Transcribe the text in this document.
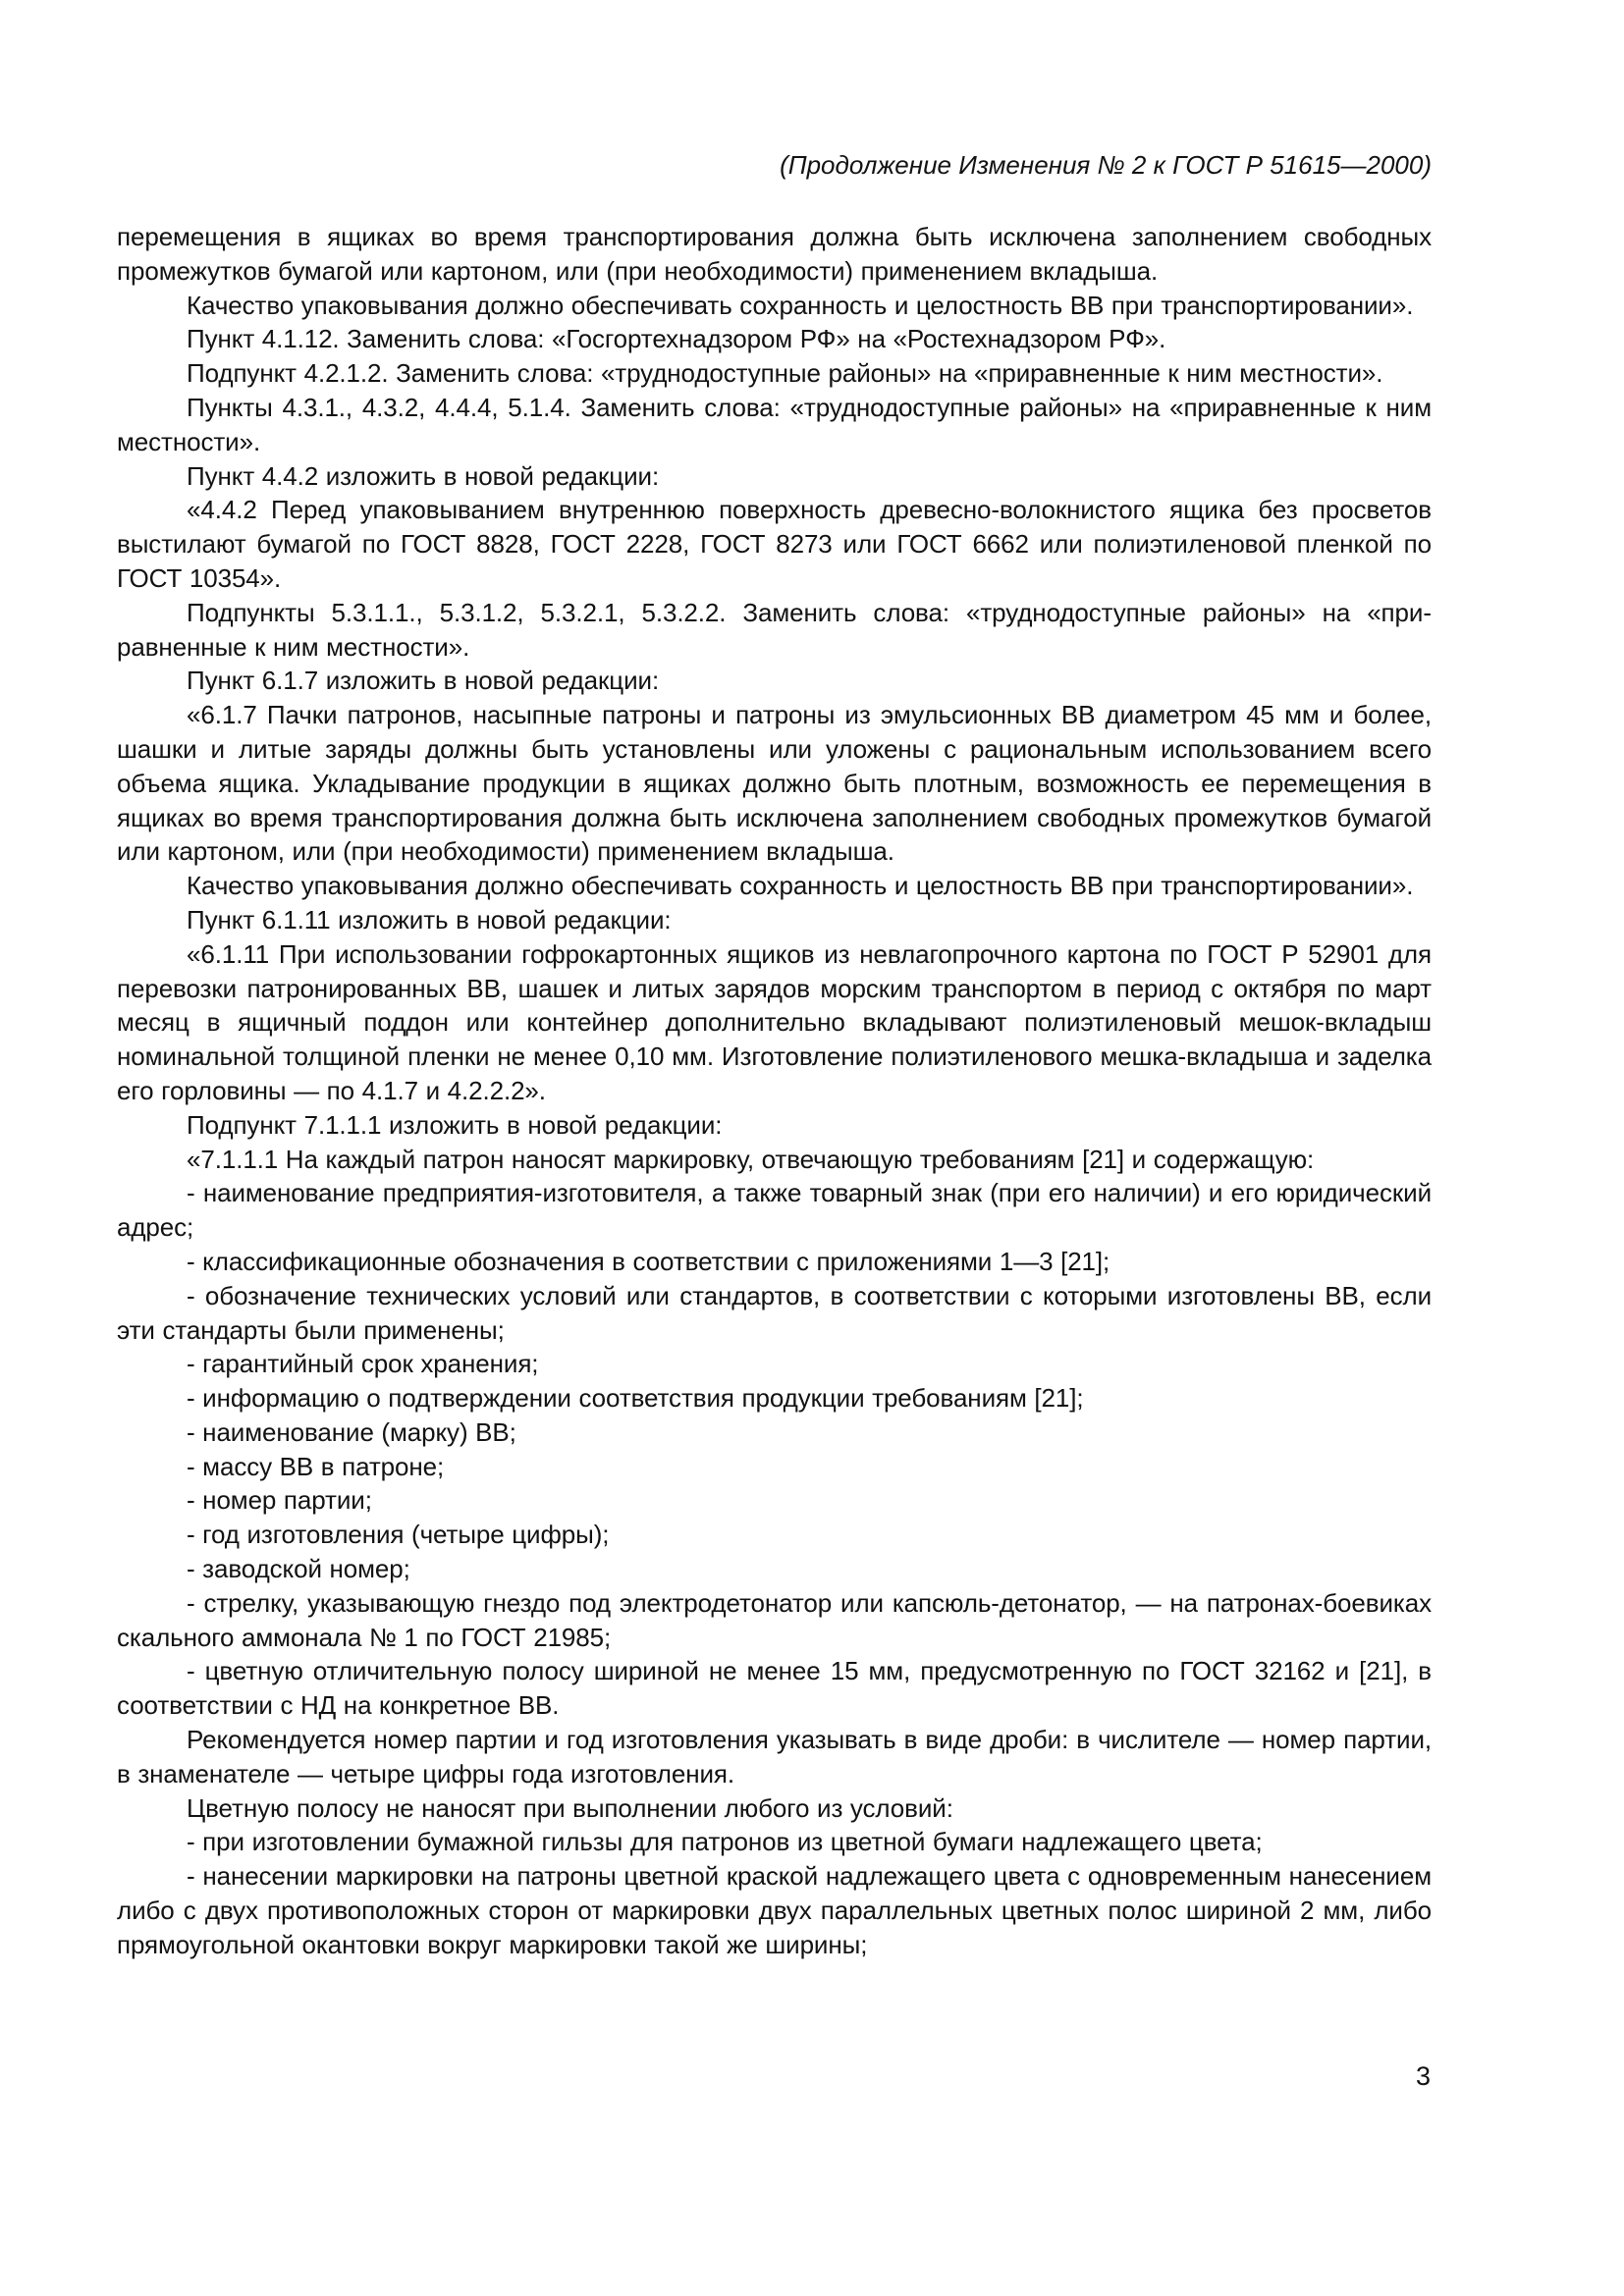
(Продолжение Изменения № 2 к ГОСТ Р 51615—2000)

перемещения в ящиках во время транспортирования должна быть исключена заполнением свободных промежутков бумагой или картоном, или (при необходимости) применением вкладыша.

Качество упаковывания должно обеспечивать сохранность и целостность ВВ при транспортировании».

Пункт 4.1.12. Заменить слова: «Госгортехнадзором РФ» на «Ростехнадзором РФ».

Подпункт 4.2.1.2. Заменить слова: «труднодоступные районы» на «приравненные к ним местности».

Пункты 4.3.1., 4.3.2, 4.4.4, 5.1.4. Заменить слова: «труднодоступные районы» на «приравненные к ним местности».

Пункт 4.4.2 изложить в новой редакции:

«4.4.2 Перед упаковыванием внутреннюю поверхность древесно-волокнистого ящика без просветов выстилают бумагой по ГОСТ 8828, ГОСТ 2228, ГОСТ 8273 или ГОСТ 6662 или полиэтиленовой пленкой по ГОСТ 10354».

Подпункты 5.3.1.1., 5.3.1.2, 5.3.2.1, 5.3.2.2. Заменить слова: «труднодоступные районы» на «приравненные к ним местности».

Пункт 6.1.7 изложить в новой редакции:

«6.1.7 Пачки патронов, насыпные патроны и патроны из эмульсионных ВВ диаметром 45 мм и более, шашки и литые заряды должны быть установлены или уложены с рациональным использованием всего объема ящика. Укладывание продукции в ящиках должно быть плотным, возможность ее перемещения в ящиках во время транспортирования должна быть исключена заполнением свободных промежутков бумагой или картоном, или (при необходимости) применением вкладыша.

Качество упаковывания должно обеспечивать сохранность и целостность ВВ при транспортировании».

Пункт 6.1.11 изложить в новой редакции:

«6.1.11 При использовании гофрокартонных ящиков из невлагопрочного картона по ГОСТ Р 52901 для перевозки патронированных ВВ, шашек и литых зарядов морским транспортом в период с октября по март месяц в ящичный поддон или контейнер дополнительно вкладывают полиэтиленовый мешок-вкладыш номинальной толщиной пленки не менее 0,10 мм. Изготовление полиэтиленового мешка-вкладыша и заделка его горловины — по 4.1.7 и 4.2.2.2».

Подпункт 7.1.1.1 изложить в новой редакции:

«7.1.1.1 На каждый патрон наносят маркировку, отвечающую требованиям [21] и содержащую:

- наименование предприятия-изготовителя, а также товарный знак (при его наличии) и его юридический адрес;

- классификационные обозначения в соответствии с приложениями 1—3 [21];

- обозначение технических условий или стандартов, в соответствии с которыми изготовлены ВВ, если эти стандарты были применены;

- гарантийный срок хранения;

- информацию о подтверждении соответствия продукции требованиям [21];

- наименование (марку) ВВ;

- массу ВВ в патроне;

- номер партии;

- год изготовления (четыре цифры);

- заводской номер;

- стрелку, указывающую гнездо под электродетонатор или капсюль-детонатор, — на патронах-боевиках скального аммонала № 1 по ГОСТ 21985;

- цветную отличительную полосу шириной не менее 15 мм, предусмотренную по ГОСТ 32162 и [21], в соответствии с НД на конкретное ВВ.

Рекомендуется номер партии и год изготовления указывать в виде дроби: в числителе — номер партии, в знаменателе — четыре цифры года изготовления.

Цветную полосу не наносят при выполнении любого из условий:

- при изготовлении бумажной гильзы для патронов из цветной бумаги надлежащего цвета;

- нанесении маркировки на патроны цветной краской надлежащего цвета с одновременным нанесением либо с двух противоположных сторон от маркировки двух параллельных цветных полос шириной 2 мм, либо прямоугольной окантовки вокруг маркировки такой же ширины;

3
